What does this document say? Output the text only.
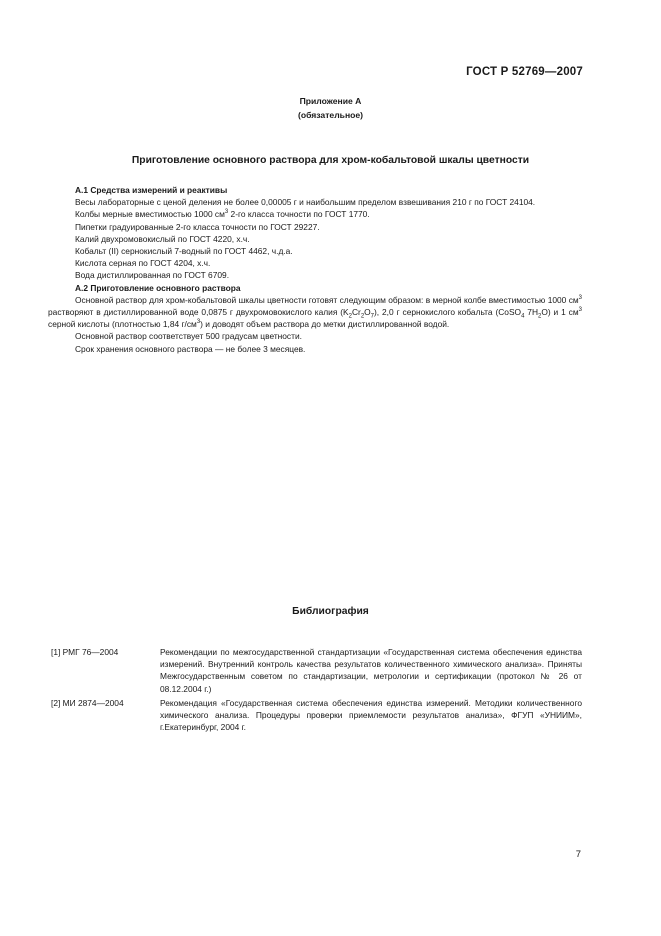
ГОСТ Р 52769—2007
Приложение А
(обязательное)
Приготовление основного раствора для хром-кобальтовой шкалы цветности

А.1 Средства измерений и реактивы

Весы лабораторные с ценой деления не более 0,00005 г и наибольшим пределом взвешивания 210 г по ГОСТ 24104.

Колбы мерные вместимостью 1000 $см^3$ 2-го класса точности по ГОСТ 1770.

Пипетки градуированные 2-го класса точности по ГОСТ 29227.

Калий двухромовокислый по ГОСТ 4220, х.ч.

Кобальт (II) сернокислый 7-водный по ГОСТ 4462, ч.д.а.

Кислота серная по ГОСТ 4204, х.ч.

Вода дистиллированная по ГОСТ 6709.

А.2 Приготовление основного раствора

Основной раствор для хром-кобальтовой шкалы цветности готовят следующим образом: в мерной колбе вместимостью 1000 $см^3$ растворяют в дистиллированной воде 0,0875 г двухромовокислого калия $(K_2Cr_2O_7)$, 2,0 г сернокислого кобальта (CoSO$_4$ $7H_2O$) и 1 $см^3$ серной кислоты (плотностью 1,84 $г/см^3$) и доводят объем раствора до метки дистиллированной водой.

Основной раствор соответствует 500 градусам цветности.

Срок хранения основного раствора — не более 3 месяцев.

Библиография
[1] РМГ 76—2004	Рекомендации по межгосударственной стандартизации «Государственная система обеспечения единства измерений. Внутренний контроль качества результатов количественного химического анализа». Приняты Межгосударственным советом по стандартизации, метрологии и сертификации (протокол № 26 от 08.12.2004 г.)
[2] МИ 2874—2004	Рекомендация «Государственная система обеспечения единства измерений. Методики количественного химического анализа. Процедуры проверки приемлемости результатов анализа», ФГУП «УНИИМ», г.Екатеринбург, 2004 г.
7
